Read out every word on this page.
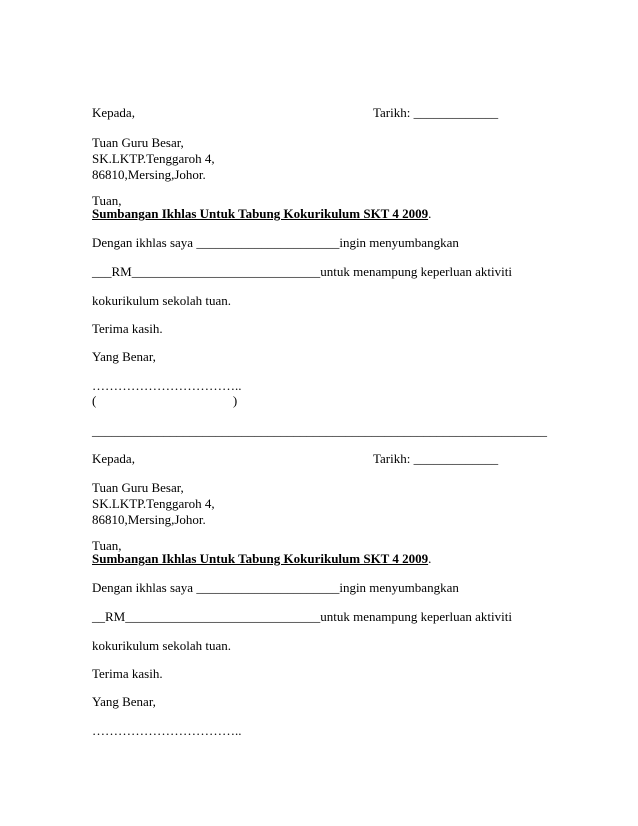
Kepada,	Tarikh: _____________
Tuan Guru Besar,
SK.LKTP.Tenggaroh 4,
86810,Mersing,Johor.
Tuan,
Sumbangan Ikhlas Untuk Tabung Kokurikulum SKT 4 2009.
Dengan ikhlas saya ______________________ingin menyumbangkan
___RM_____________________________untuk menampung keperluan aktiviti
kokurikulum sekolah tuan.
Terima kasih.
Yang Benar,
……………………………..
(                                          )
______________________________________________________________________
Kepada,	Tarikh: _____________
Tuan Guru Besar,
SK.LKTP.Tenggaroh 4,
86810,Mersing,Johor.
Tuan,
Sumbangan Ikhlas Untuk Tabung Kokurikulum SKT 4 2009.
Dengan ikhlas saya ______________________ingin menyumbangkan
__RM______________________________untuk menampung keperluan aktiviti
kokurikulum sekolah tuan.
Terima kasih.
Yang Benar,
……………………………..
